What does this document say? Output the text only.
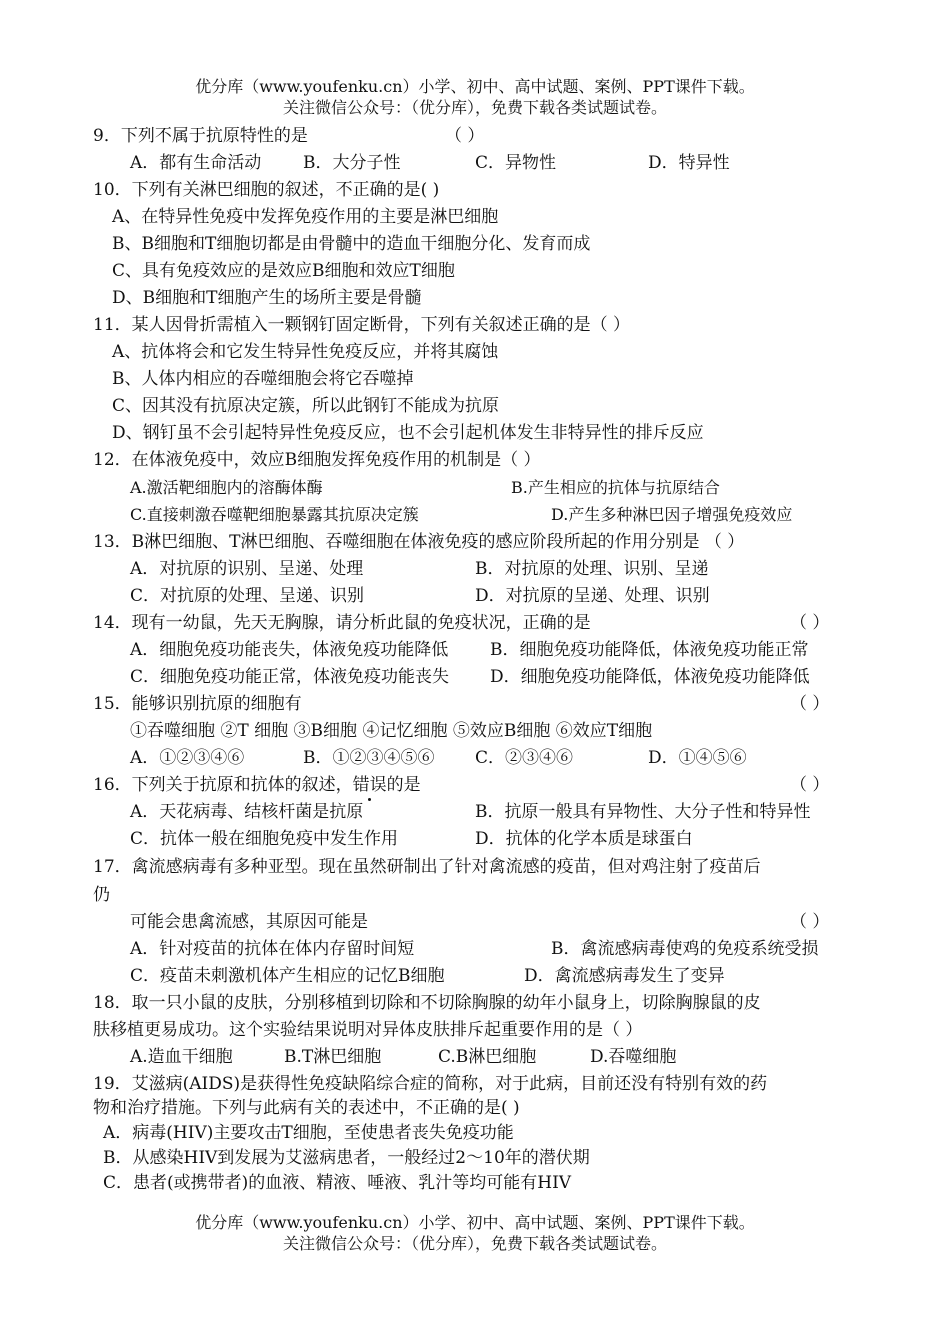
优分库（www.youfenku.cn）小学、初中、高中试题、案例、PPT课件下载。
关注微信公众号：（优分库），免费下载各类试题试卷。
9．下列不属于抗原特性的是	（ ）
A．都有生命活动 B．大分子性	C．异物性	D．特异性
10．下列有关淋巴细胞的叙述，不正确的是( )
A、在特异性免疫中发挥免疫作用的主要是淋巴细胞
B、B细胞和T细胞切都是由骨髓中的造血干细胞分化、发育而成
C、具有免疫效应的是效应B细胞和效应T细胞
D、B细胞和T细胞产生的场所主要是骨髓
11．某人因骨折需植入一颗钢钉固定断骨，下列有关叙述正确的是（ ）
A、抗体将会和它发生特异性免疫反应，并将其腐蚀
B、人体内相应的吞噬细胞会将它吞噬掉
C、因其没有抗原决定簇，所以此钢钉不能成为抗原
D、钢钉虽不会引起特异性免疫反应，也不会引起机体发生非特异性的排斥反应
12．在体液免疫中，效应B细胞发挥免疫作用的机制是（ ）
A.激活靶细胞内的溶酶体酶	B.产生相应的抗体与抗原结合
C.直接刺激吞噬靶细胞暴露其抗原决定簇	D.产生多种淋巴因子增强免疫效应
13．B淋巴细胞、T淋巴细胞、吞噬细胞在体液免疫的感应阶段所起的作用分别是 （ ）
A．对抗原的识别、呈递、处理	B．对抗原的处理、识别、呈递
C．对抗原的处理、呈递、识别	D．对抗原的呈递、处理、识别
14．现有一幼鼠，先天无胸腺，请分析此鼠的免疫状况，正确的是	（ ）
A．细胞免疫功能丧失，体液免疫功能降低 B．细胞免疫功能降低，体液免疫功能正常
C．细胞免疫功能正常，体液免疫功能丧失 D．细胞免疫功能降低，体液免疫功能降低
15．能够识别抗原的细胞有	（ ）
①吞噬细胞 ②T 细胞 ③B细胞 ④记忆细胞 ⑤效应B细胞 ⑥效应T细胞
A．①②③④⑥	B．①②③④⑤⑥ C．②③④⑥	D．①④⑤⑥
16．下列关于抗原和抗体的叙述，错误的是	（ ）
A．天花病毒、结核杆菌是抗原	B．抗原一般具有异物性、大分子性和特异性
C．抗体一般在细胞免疫中发生作用	D．抗体的化学本质是球蛋白
17．禽流感病毒有多种亚型。现在虽然研制出了针对禽流感的疫苗，但对鸡注射了疫苗后
仍
可能会患禽流感，其原因可能是	（ ）
A．针对疫苗的抗体在体内存留时间短	B．禽流感病毒使鸡的免疫系统受损
C．疫苗未刺激机体产生相应的记忆B细胞	D．禽流感病毒发生了变异
18．取一只小鼠的皮肤，分别移植到切除和不切除胸腺的幼年小鼠身上，切除胸腺鼠的皮
肤移植更易成功。这个实验结果说明对异体皮肤排斥起重要作用的是（ ）
A.造血干细胞	B.T淋巴细胞	C.B淋巴细胞	D.吞噬细胞
19．艾滋病(AIDS)是获得性免疫缺陷综合症的简称，对于此病，目前还没有特别有效的药
物和治疗措施。下列与此病有关的表述中，不正确的是( )
A．病毒(HIV)主要攻击T细胞，至使患者丧失免疫功能
B．从感染HIV到发展为艾滋病患者，一般经过2～10年的潜伏期
C．患者(或携带者)的血液、精液、唾液、乳汁等均可能有HIV
优分库（www.youfenku.cn）小学、初中、高中试题、案例、PPT课件下载。
关注微信公众号：（优分库），免费下载各类试题试卷。
